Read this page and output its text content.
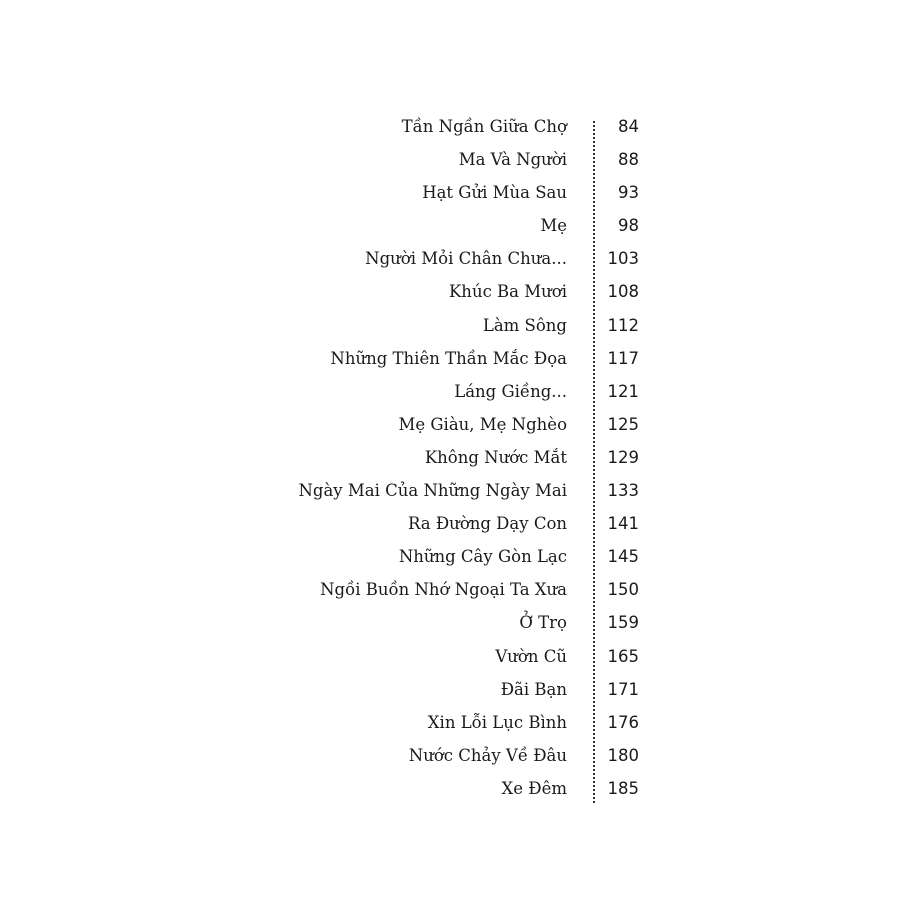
Tần Ngần Giữa Chợ	84
Ma Và Người	88
Hạt Gửi Mùa Sau	93
Mẹ	98
Người Mỏi Chân Chưa... 103
Khúc Ba Mươi 108
Làm Sông 112
Những Thiên Thần Mắc Đọa 117
Láng Giềng... 121
Mẹ Giàu, Mẹ Nghèo 125
Không Nước Mắt 129
Ngày Mai Của Những Ngày Mai 133
Ra Đường Dạy Con 141
Những Cây Gòn Lạc 145
Ngồi Buồn Nhớ Ngoại Ta Xưa 150
Ở Trọ 159
Vườn Cũ 165
Đãi Bạn 171
Xin Lỗi Lục Bình 176
Nước Chảy Về Đâu 180
Xe Đêm 185
